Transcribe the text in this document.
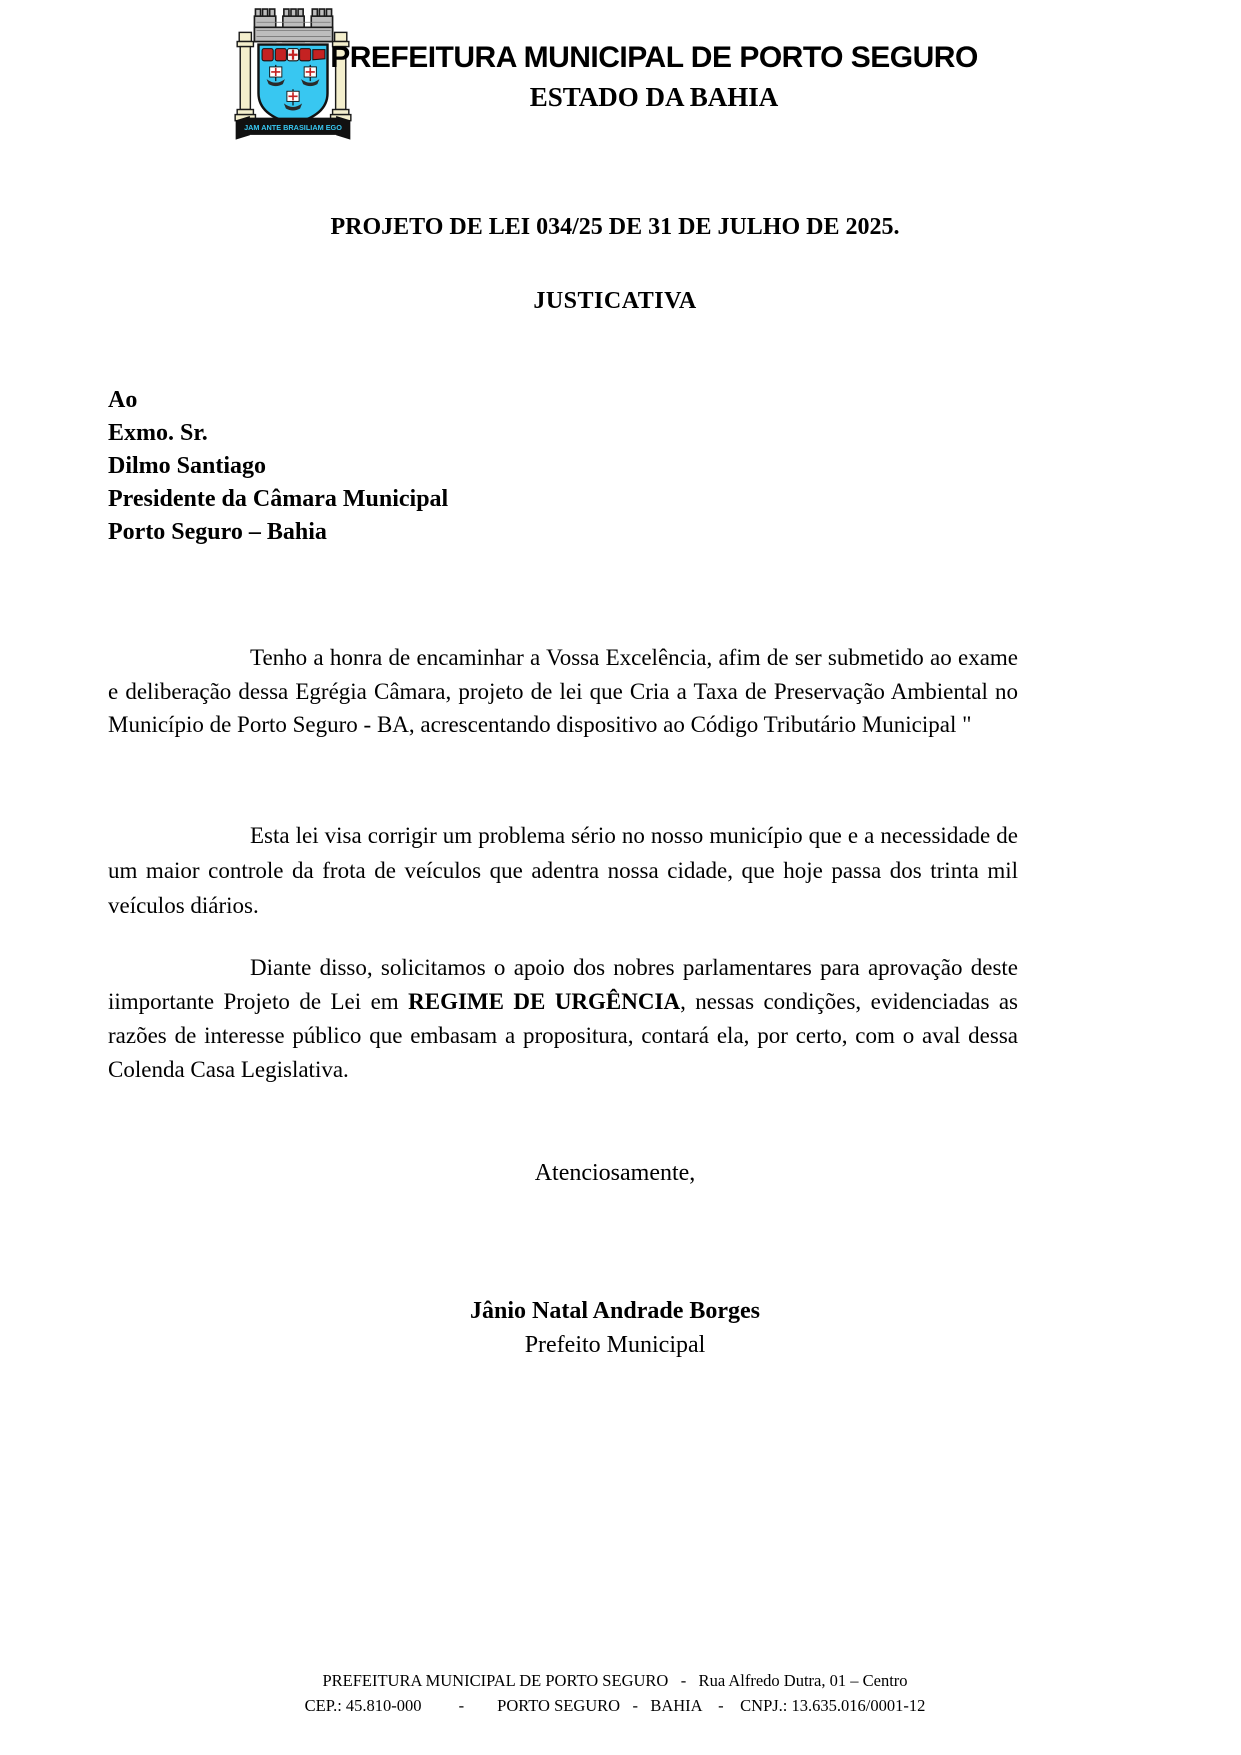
JAM ANTE BRASILIAM EGO
PREFEITURA MUNICIPAL DE PORTO SEGURO
ESTADO DA BAHIA
PROJETO DE LEI 034/25 DE 31 DE JULHO DE 2025.
JUSTICATIVA
Ao
Exmo. Sr.
Dilmo Santiago
Presidente da Câmara Municipal
Porto Seguro – Bahia

Tenho a honra de encaminhar a Vossa Excelência, afim de ser submetido ao exame e deliberação dessa Egrégia Câmara, projeto de lei que Cria a Taxa de Preservação Ambiental no Município de Porto Seguro - BA, acrescentando dispositivo ao Código Tributário Municipal "

Esta lei visa corrigir um problema sério no nosso município que e a necessidade de um maior controle da frota de veículos que adentra nossa cidade, que hoje passa dos trinta mil veículos diários.

Diante disso, solicitamos o apoio dos nobres parlamentares para aprovação deste iimportante Projeto de Lei em REGIME DE URGÊNCIA, nessas condições, evidenciadas as razões de interesse público que embasam a propositura, contará ela, por certo, com o aval dessa Colenda Casa Legislativa.

Atenciosamente,
Jânio Natal Andrade Borges
Prefeito Municipal
PREFEITURA MUNICIPAL DE PORTO SEGURO   -   Rua Alfredo Dutra, 01 – Centro
CEP.: 45.810-000         -        PORTO SEGURO   -   BAHIA    -    CNPJ.: 13.635.016/0001-12
